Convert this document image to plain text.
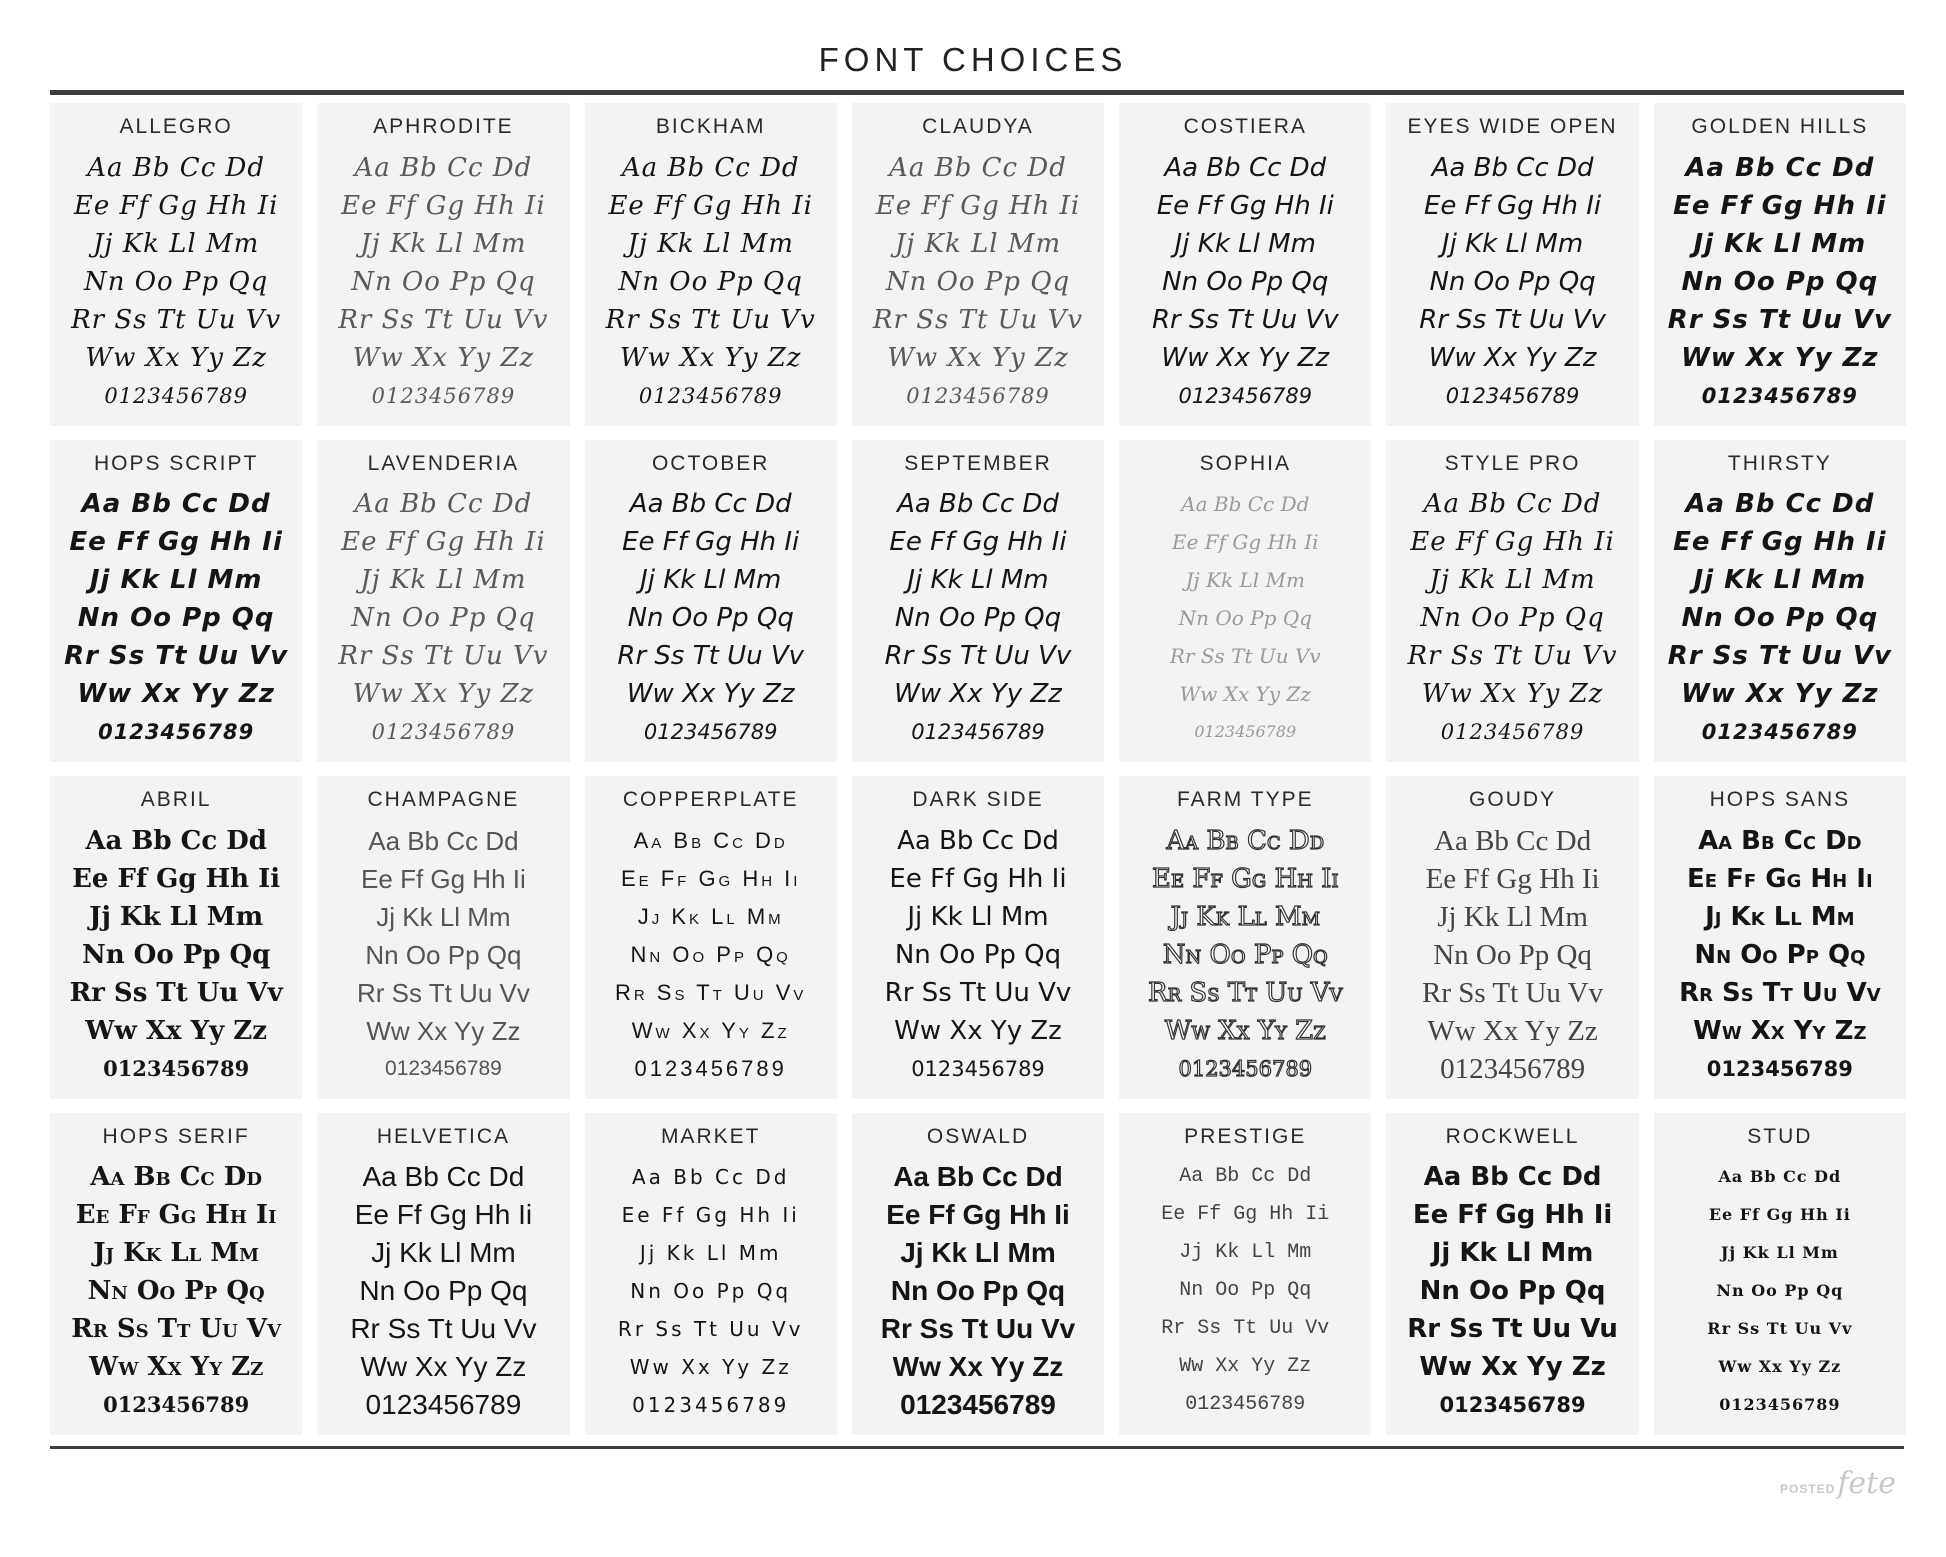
FONT CHOICES
ALLEGRO
Aa Bb Cc Dd
Ee Ff Gg Hh Ii
Jj Kk Ll Mm
Nn Oo Pp Qq
Rr Ss Tt Uu Vv
Ww Xx Yy Zz
0123456789
APHRODITE
Aa Bb Cc Dd
Ee Ff Gg Hh Ii
Jj Kk Ll Mm
Nn Oo Pp Qq
Rr Ss Tt Uu Vv
Ww Xx Yy Zz
0123456789
BICKHAM
Aa Bb Cc Dd
Ee Ff Gg Hh Ii
Jj Kk Ll Mm
Nn Oo Pp Qq
Rr Ss Tt Uu Vv
Ww Xx Yy Zz
0123456789
CLAUDYA
Aa Bb Cc Dd
Ee Ff Gg Hh Ii
Jj Kk Ll Mm
Nn Oo Pp Qq
Rr Ss Tt Uu Vv
Ww Xx Yy Zz
0123456789
COSTIERA
Aa Bb Cc Dd
Ee Ff Gg Hh Ii
Jj Kk Ll Mm
Nn Oo Pp Qq
Rr Ss Tt Uu Vv
Ww Xx Yy Zz
0123456789
EYES WIDE OPEN
Aa Bb Cc Dd
Ee Ff Gg Hh Ii
Jj Kk Ll Mm
Nn Oo Pp Qq
Rr Ss Tt Uu Vv
Ww Xx Yy Zz
0123456789
GOLDEN HILLS
Aa Bb Cc Dd
Ee Ff Gg Hh Ii
Jj Kk Ll Mm
Nn Oo Pp Qq
Rr Ss Tt Uu Vv
Ww Xx Yy Zz
0123456789
HOPS SCRIPT
Aa Bb Cc Dd
Ee Ff Gg Hh Ii
Jj Kk Ll Mm
Nn Oo Pp Qq
Rr Ss Tt Uu Vv
Ww Xx Yy Zz
0123456789
LAVENDERIA
Aa Bb Cc Dd
Ee Ff Gg Hh Ii
Jj Kk Ll Mm
Nn Oo Pp Qq
Rr Ss Tt Uu Vv
Ww Xx Yy Zz
0123456789
OCTOBER
Aa Bb Cc Dd
Ee Ff Gg Hh Ii
Jj Kk Ll Mm
Nn Oo Pp Qq
Rr Ss Tt Uu Vv
Ww Xx Yy Zz
0123456789
SEPTEMBER
Aa Bb Cc Dd
Ee Ff Gg Hh Ii
Jj Kk Ll Mm
Nn Oo Pp Qq
Rr Ss Tt Uu Vv
Ww Xx Yy Zz
0123456789
SOPHIA
Aa Bb Cc Dd
Ee Ff Gg Hh Ii
Jj Kk Ll Mm
Nn Oo Pp Qq
Rr Ss Tt Uu Vv
Ww Xx Yy Zz
0123456789
STYLE PRO
Aa Bb Cc Dd
Ee Ff Gg Hh Ii
Jj Kk Ll Mm
Nn Oo Pp Qq
Rr Ss Tt Uu Vv
Ww Xx Yy Zz
0123456789
THIRSTY
Aa Bb Cc Dd
Ee Ff Gg Hh Ii
Jj Kk Ll Mm
Nn Oo Pp Qq
Rr Ss Tt Uu Vv
Ww Xx Yy Zz
0123456789
ABRIL
Aa Bb Cc Dd
Ee Ff Gg Hh Ii
Jj Kk Ll Mm
Nn Oo Pp Qq
Rr Ss Tt Uu Vv
Ww Xx Yy Zz
0123456789
CHAMPAGNE
Aa Bb Cc Dd
Ee Ff Gg Hh Ii
Jj Kk Ll Mm
Nn Oo Pp Qq
Rr Ss Tt Uu Vv
Ww Xx Yy Zz
0123456789
COPPERPLATE
Aa Bb Cc Dd
Ee Ff Gg Hh Ii
Jj Kk Ll Mm
Nn Oo Pp Qq
Rr Ss Tt Uu Vv
Ww Xx Yy Zz
0123456789
DARK SIDE
Aa Bb Cc Dd
Ee Ff Gg Hh Ii
Jj Kk Ll Mm
Nn Oo Pp Qq
Rr Ss Tt Uu Vv
Ww Xx Yy Zz
0123456789
FARM TYPE
Aa Bb Cc Dd
Ee Ff Gg Hh Ii
Jj Kk Ll Mm
Nn Oo Pp Qq
Rr Ss Tt Uu Vv
Ww Xx Yy Zz
0123456789
GOUDY
Aa Bb Cc Dd
Ee Ff Gg Hh Ii
Jj Kk Ll Mm
Nn Oo Pp Qq
Rr Ss Tt Uu Vv
Ww Xx Yy Zz
0123456789
HOPS SANS
Aa Bb Cc Dd
Ee Ff Gg Hh Ii
Jj Kk Ll Mm
Nn Oo Pp Qq
Rr Ss Tt Uu Vv
Ww Xx Yy Zz
0123456789
HOPS SERIF
Aa Bb Cc Dd
Ee Ff Gg Hh Ii
Jj Kk Ll Mm
Nn Oo Pp Qq
Rr Ss Tt Uu Vv
Ww Xx Yy Zz
0123456789
HELVETICA
Aa Bb Cc Dd
Ee Ff Gg Hh Ii
Jj Kk Ll Mm
Nn Oo Pp Qq
Rr Ss Tt Uu Vv
Ww Xx Yy Zz
0123456789
MARKET
Aa Bb Cc Dd
Ee Ff Gg Hh Ii
Jj Kk Ll Mm
Nn Oo Pp Qq
Rr Ss Tt Uu Vv
Ww Xx Yy Zz
0123456789
OSWALD
Aa Bb Cc Dd
Ee Ff Gg Hh Ii
Jj Kk Ll Mm
Nn Oo Pp Qq
Rr Ss Tt Uu Vv
Ww Xx Yy Zz
0123456789
PRESTIGE
Aa Bb Cc Dd
Ee Ff Gg Hh Ii
Jj Kk Ll Mm
Nn Oo Pp Qq
Rr Ss Tt Uu Vv
Ww Xx Yy Zz
0123456789
ROCKWELL
Aa Bb Cc Dd
Ee Ff Gg Hh Ii
Jj Kk Ll Mm
Nn Oo Pp Qq
Rr Ss Tt Uu Vu
Ww Xx Yy Zz
0123456789
STUD
Aa Bb Cc Dd
Ee Ff Gg Hh Ii
Jj Kk Ll Mm
Nn Oo Pp Qq
Rr Ss Tt Uu Vv
Ww Xx Yy Zz
0123456789
POSTED fete
